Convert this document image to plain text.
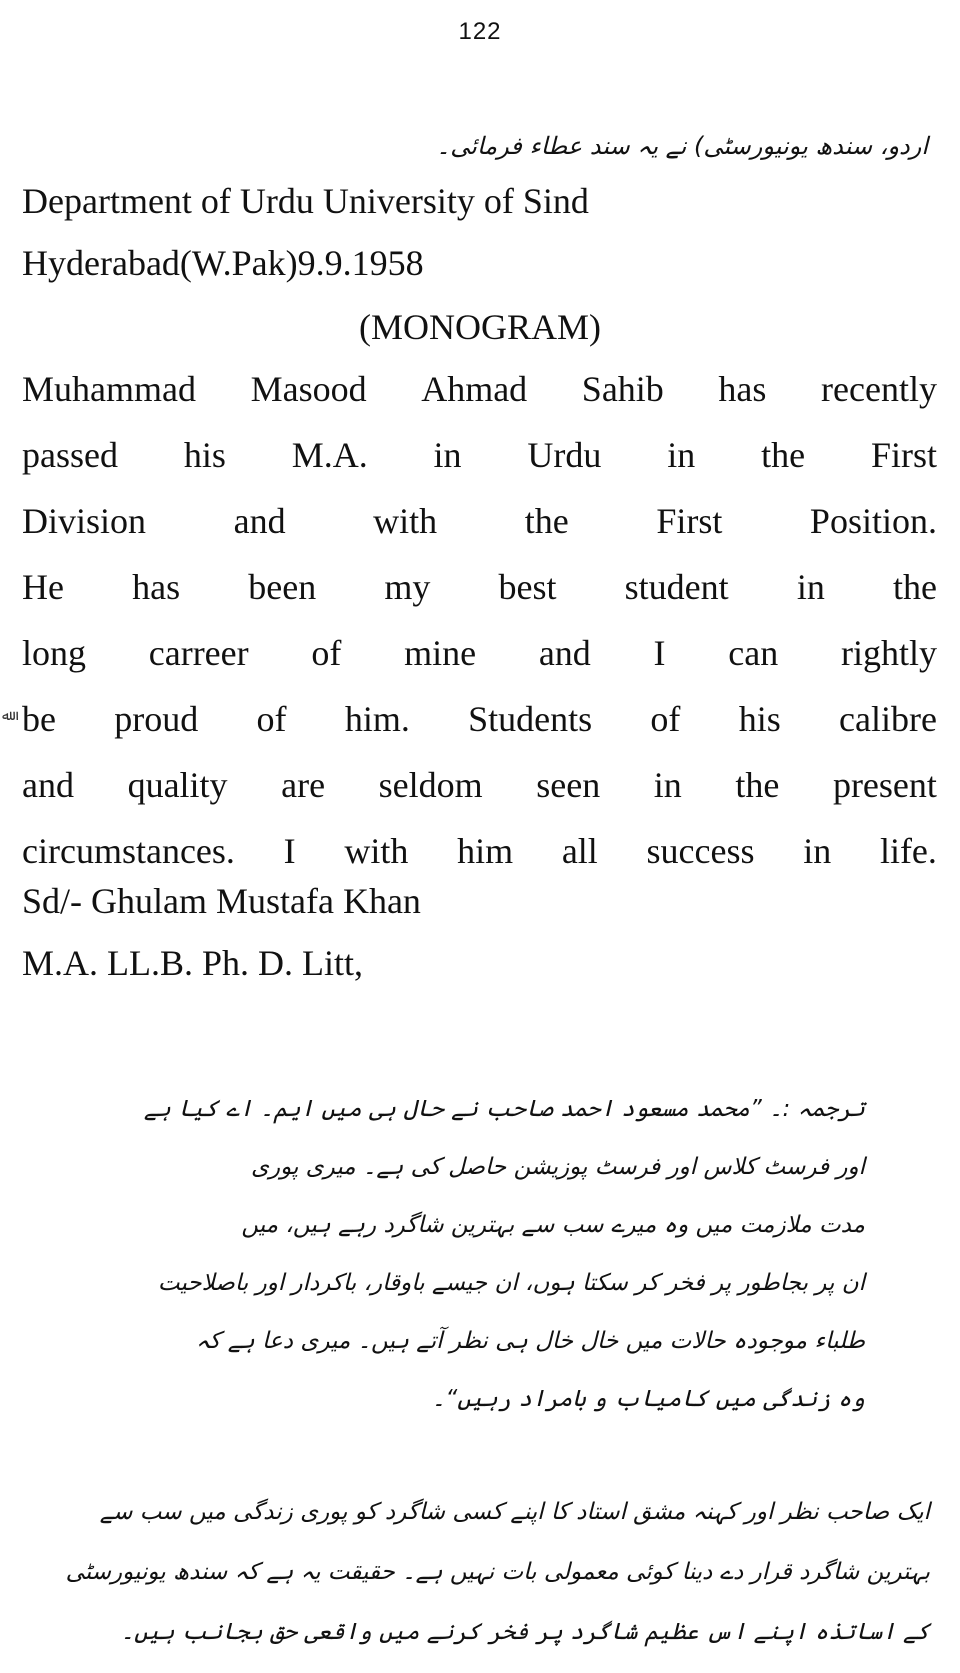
122
اردو، سندھ یونیورسٹی) نے یہ سند عطاء فرمائی۔
Department of Urdu University of Sind
Hyderabad(W.Pak)9.9.1958
(MONOGRAM)
ﷲ
Muhammad Masood Ahmad Sahib has recently
passed his M.A. in Urdu in the First
Division and with the First Position.
He has been my best student in the
long carreer of mine and I can rightly
be proud of him. Students of his calibre
and quality are seldom seen in the present
circumstances. I with him all success in life.
Sd/- Ghulam Mustafa Khan
M.A. LL.B. Ph. D. Litt,
ترجمہ :۔ ”محمد مسعود احمد صاحب نے حال ہی میں ایم۔ اے کیا ہے
اور فرسٹ کلاس اور فرسٹ پوزیشن حاصل کی ہے۔ میری پوری
مدت ملازمت میں وہ میرے سب سے بہترین شاگرد رہے ہیں، میں
ان پر بجاطور پر فخر کر سکتا ہوں، ان جیسے باوقار، باکردار اور باصلاحیت
طلباء موجودہ حالات میں خال خال ہی نظر آتے ہیں۔ میری دعا ہے کہ
وہ زندگی میں کامیاب و بامراد رہیں“۔
ایک صاحب نظر اور کہنہ مشق استاد کا اپنے کسی شاگرد کو پوری زندگی میں سب سے
بہترین شاگرد قرار دے دینا کوئی معمولی بات نہیں ہے۔ حقیقت یہ ہے کہ سندھ یونیورسٹی
کے اساتذہ اپنے اس عظیم شاگرد پر فخر کرنے میں واقعی حق بجانب ہیں۔
